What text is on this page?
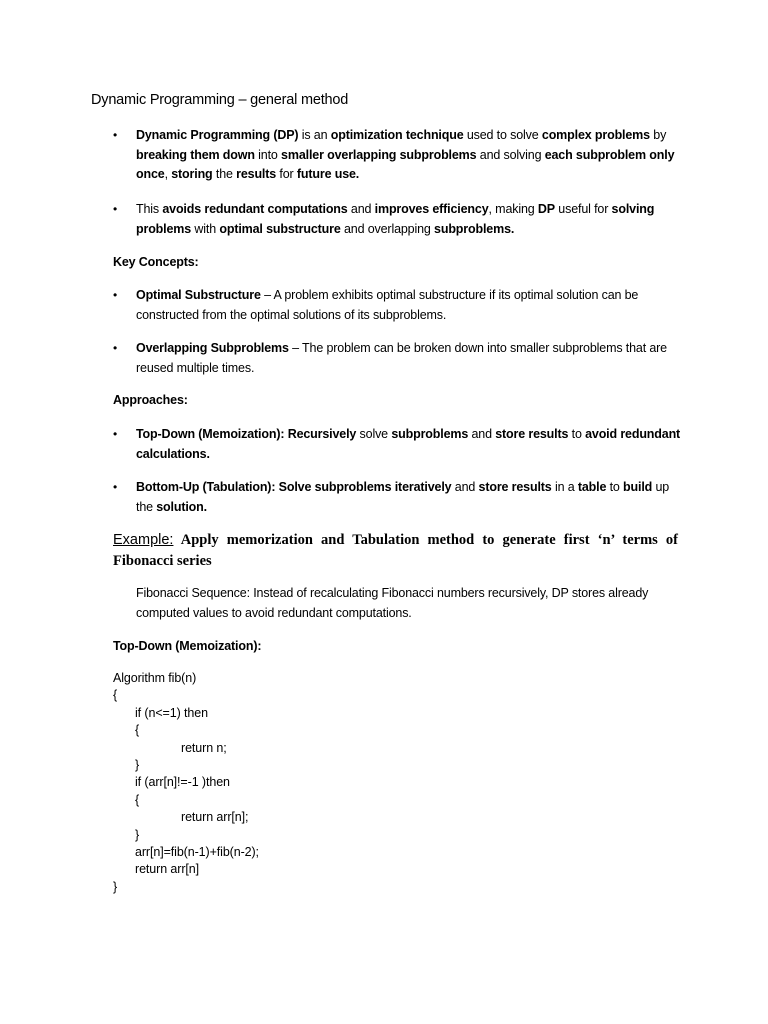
Dynamic Programming – general method
• Dynamic Programming (DP) is an optimization technique used to solve complex problems by breaking them down into smaller overlapping subproblems and solving each subproblem only once, storing the results for future use.
• This avoids redundant computations and improves efficiency, making DP useful for solving problems with optimal substructure and overlapping subproblems.
Key Concepts:
• Optimal Substructure – A problem exhibits optimal substructure if its optimal solution can be constructed from the optimal solutions of its subproblems.
• Overlapping Subproblems – The problem can be broken down into smaller subproblems that are reused multiple times.
Approaches:
• Top-Down (Memoization): Recursively solve subproblems and store results to avoid redundant calculations.
• Bottom-Up (Tabulation): Solve subproblems iteratively and store results in a table to build up the solution.
Example: Apply memorization and Tabulation method to generate first ‘n’ terms of Fibonacci series
Fibonacci Sequence: Instead of recalculating Fibonacci numbers recursively, DP stores already computed values to avoid redundant computations.
Top-Down (Memoization):
Algorithm fib(n)
{
if (n<=1) then
{
return n;
}
if (arr[n]!=-1 )then
{
return arr[n];
}
arr[n]=fib(n-1)+fib(n-2);
return arr[n]
}
